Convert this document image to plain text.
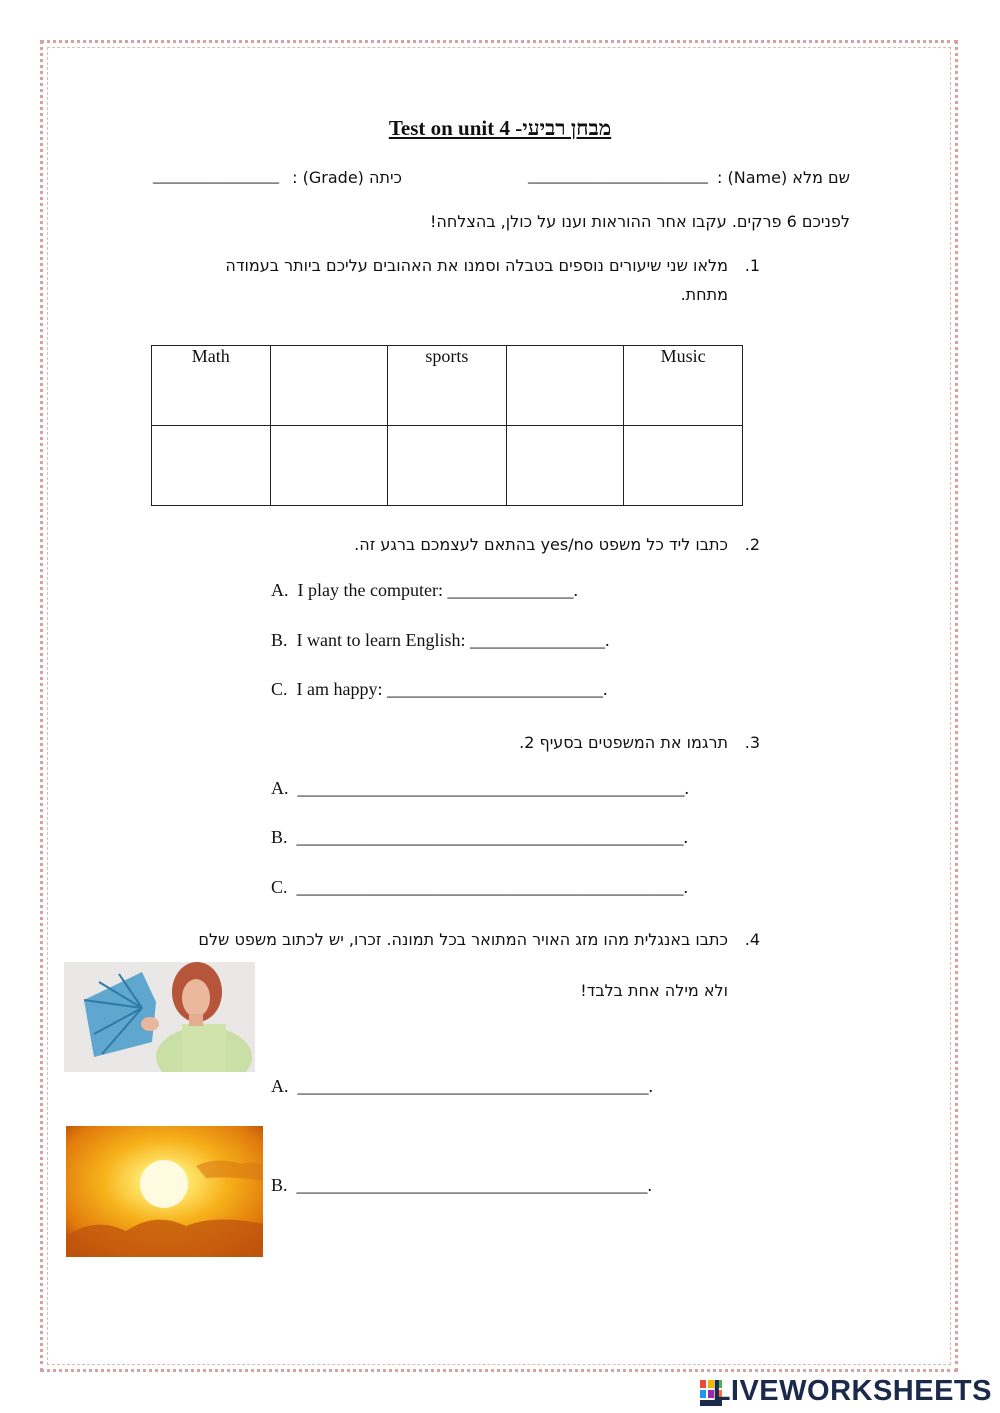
מבחן רביעי- Test on unit 4
שם מלא (Name) :
____________________
כיתה (Grade) :
______________
לפניכם 6 פרקים. עקבו אחר ההוראות וענו על כולן, בהצלחה!
1.
מלאו שני שיעורים נוספים בטבלה וסמנו את האהובים עליכם ביותר בעמודה
מתחת.
Math		sports		Music

2.
כתבו ליד כל משפט yes/no בהתאם לעצמכם ברגע זה.
A. I play the computer: ______________.
B. I want to learn English: _______________.
C. I am happy: ________________________.
3.
תרגמו את המשפטים בסעיף 2.
A. ___________________________________________.
B. ___________________________________________.
C. ___________________________________________.
4.
כתבו באנגלית מהו מזג האויר המתואר בכל תמונה. זכרו, יש לכתוב משפט שלם
ולא מילה אחת בלבד!
A. _______________________________________.
B. _______________________________________.
LIVEWORKSHEETS
